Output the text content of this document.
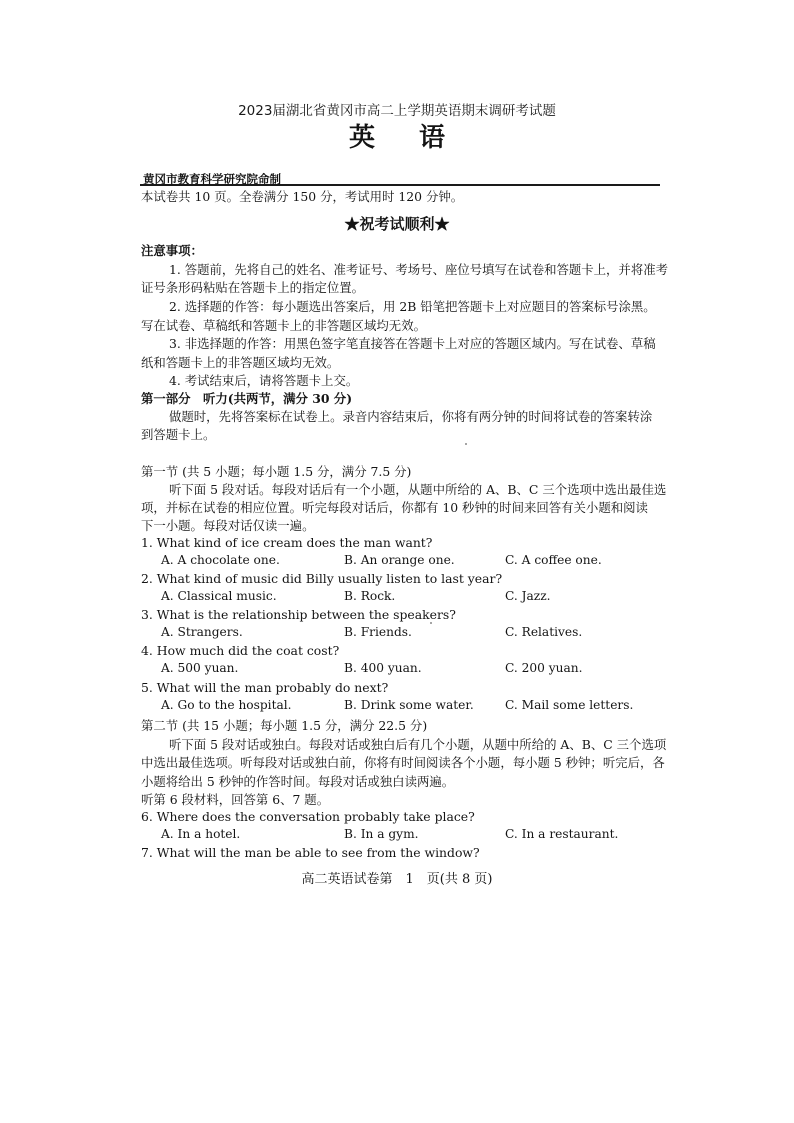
2023届湖北省黄冈市高二上学期英语期末调研考试题
英语
黄冈市教育科学研究院命制
本试卷共 10 页。全卷满分 150 分，考试用时 120 分钟。
★祝考试顺利★
注意事项：
1. 答题前，先将自己的姓名、准考证号、考场号、座位号填写在试卷和答题卡上，并将准考
证号条形码粘贴在答题卡上的指定位置。
2. 选择题的作答：每小题选出答案后，用 2B 铅笔把答题卡上对应题目的答案标号涂黑。
写在试卷、草稿纸和答题卡上的非答题区域均无效。
3. 非选择题的作答：用黑色签字笔直接答在答题卡上对应的答题区域内。写在试卷、草稿
纸和答题卡上的非答题区域均无效。
4. 考试结束后，请将答题卡上交。
第一部分　听力(共两节，满分 30 分)
做题时，先将答案标在试卷上。录音内容结束后，你将有两分钟的时间将试卷的答案转涂
到答题卡上。
第一节 (共 5 小题；每小题 1.5 分，满分 7.5 分)
听下面 5 段对话。每段对话后有一个小题，从题中所给的 A、B、C 三个选项中选出最佳选
项，并标在试卷的相应位置。听完每段对话后，你都有 10 秒钟的时间来回答有关小题和阅读
下一小题。每段对话仅读一遍。
1. What kind of ice cream does the man want?
A. A chocolate one.	B. An orange one.	C. A coffee one.
2. What kind of music did Billy usually listen to last year?
A. Classical music.	B. Rock.	C. Jazz.
3. What is the relationship between the speakers?
A. Strangers.	B. Friends.	C. Relatives.
4. How much did the coat cost?
A. 500 yuan.	B. 400 yuan.	C. 200 yuan.
5. What will the man probably do next?
A. Go to the hospital.	B. Drink some water.	C. Mail some letters.
第二节 (共 15 小题；每小题 1.5 分，满分 22.5 分)
听下面 5 段对话或独白。每段对话或独白后有几个小题，从题中所给的 A、B、C 三个选项
中选出最佳选项。听每段对话或独白前，你将有时间阅读各个小题，每小题 5 秒钟；听完后，各
小题将给出 5 秒钟的作答时间。每段对话或独白读两遍。
听第 6 段材料，回答第 6、7 题。
6. Where does the conversation probably take place?
A. In a hotel.	B. In a gym.	C. In a restaurant.
7. What will the man be able to see from the window?
高二英语试卷第　1　页(共 8 页)
